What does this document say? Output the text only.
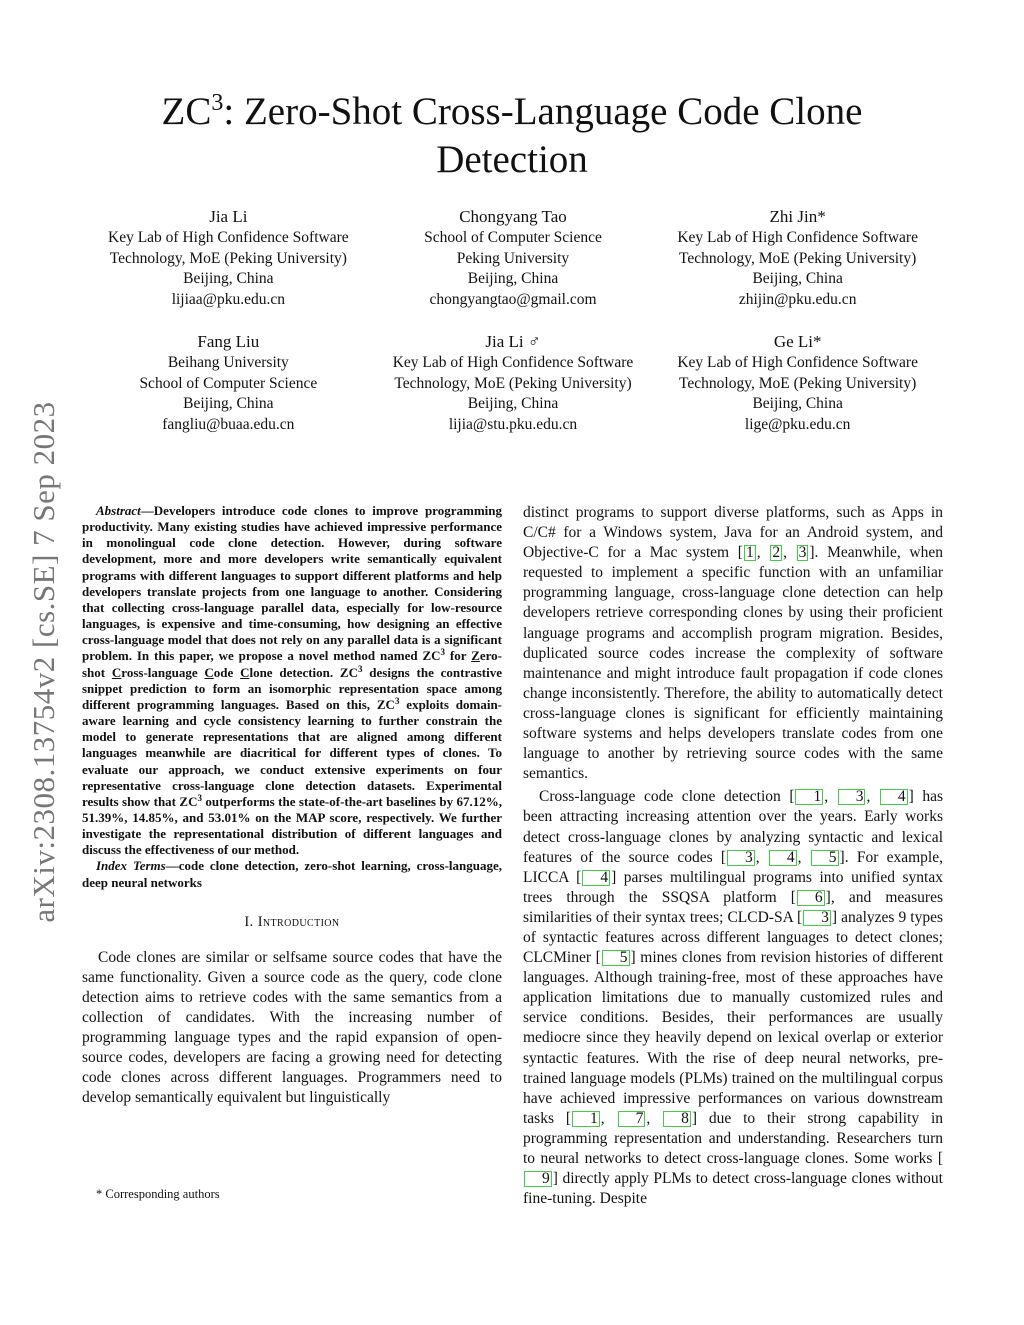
arXiv:2308.13754v2 [cs.SE] 7 Sep 2023
$ZC^3$: Zero-Shot Cross-Language Code Clone Detection
Jia Li
Key Lab of High Confidence Software
Technology, MoE (Peking University)
Beijing, China
lijiaa@pku.edu.cn
Chongyang Tao
School of Computer Science
Peking University
Beijing, China
chongyangtao@gmail.com
Zhi Jin*
Key Lab of High Confidence Software
Technology, MoE (Peking University)
Beijing, China
zhijin@pku.edu.cn
Fang Liu
Beihang University
School of Computer Science
Beijing, China
fangliu@buaa.edu.cn
Jia Li ♂
Key Lab of High Confidence Software
Technology, MoE (Peking University)
Beijing, China
lijia@stu.pku.edu.cn
Ge Li*
Key Lab of High Confidence Software
Technology, MoE (Peking University)
Beijing, China
lige@pku.edu.cn

Abstract—Developers introduce code clones to improve programming productivity. Many existing studies have achieved impressive performance in monolingual code clone detection. However, during software development, more and more developers write semantically equivalent programs with different languages to support different platforms and help developers translate projects from one language to another. Considering that collecting cross-language parallel data, especially for low-resource languages, is expensive and time-consuming, how designing an effective cross-language model that does not rely on any parallel data is a significant problem. In this paper, we propose a novel method named $ZC^3$ for Zero-shot Cross-language Code Clone detection. $ZC^3$ designs the contrastive snippet prediction to form an isomorphic representation space among different programming languages. Based on this, $ZC^3$ exploits domain-aware learning and cycle consistency learning to further constrain the model to generate representations that are aligned among different languages meanwhile are diacritical for different types of clones. To evaluate our approach, we conduct extensive experiments on four representative cross-language clone detection datasets. Experimental results show that $ZC^3$ outperforms the state-of-the-art baselines by 67.12%, 51.39%, 14.85%, and 53.01% on the MAP score, respectively. We further investigate the representational distribution of different languages and discuss the effectiveness of our method.

Index Terms—code clone detection, zero-shot learning, cross-language, deep neural networks

I. Introduction

Code clones are similar or selfsame source codes that have the same functionality. Given a source code as the query, code clone detection aims to retrieve codes with the same semantics from a collection of candidates. With the increasing number of programming language types and the rapid expansion of open-source codes, developers are facing a growing need for detecting code clones across different languages. Programmers need to develop semantically equivalent but linguistically

distinct programs to support diverse platforms, such as Apps in C/C# for a Windows system, Java for an Android system, and Objective-C for a Mac system [ 1 , 2 , 3 ]. Meanwhile, when requested to implement a specific function with an unfamiliar programming language, cross-language clone detection can help developers retrieve corresponding clones by using their proficient language programs and accomplish program migration. Besides, duplicated source codes increase the complexity of software maintenance and might introduce fault propagation if code clones change inconsistently. Therefore, the ability to automatically detect cross-language clones is significant for efficiently maintaining software systems and helps developers translate codes from one language to another by retrieving source codes with the same semantics.

Cross-language code clone detection [ 1 , 3 , 4 ] has been attracting increasing attention over the years. Early works detect cross-language clones by analyzing syntactic and lexical features of the source codes [ 3 , 4 , 5 ]. For example, LICCA [ 4 ] parses multilingual programs into unified syntax trees through the SSQSA platform [ 6 ], and measures similarities of their syntax trees; CLCD-SA [ 3 ] analyzes 9 types of syntactic features across different languages to detect clones; CLCMiner [ 5 ] mines clones from revision histories of different languages. Although training-free, most of these approaches have application limitations due to manually customized rules and service conditions. Besides, their performances are usually mediocre since they heavily depend on lexical overlap or exterior syntactic features. With the rise of deep neural networks, pre-trained language models (PLMs) trained on the multilingual corpus have achieved impressive performances on various downstream tasks [ 1 , 7 , 8 ] due to their strong capability in programming representation and understanding. Researchers turn to neural networks to detect cross-language clones. Some works [9 ] directly apply PLMs to detect cross-language clones without fine-tuning. Despite

* Corresponding authors
